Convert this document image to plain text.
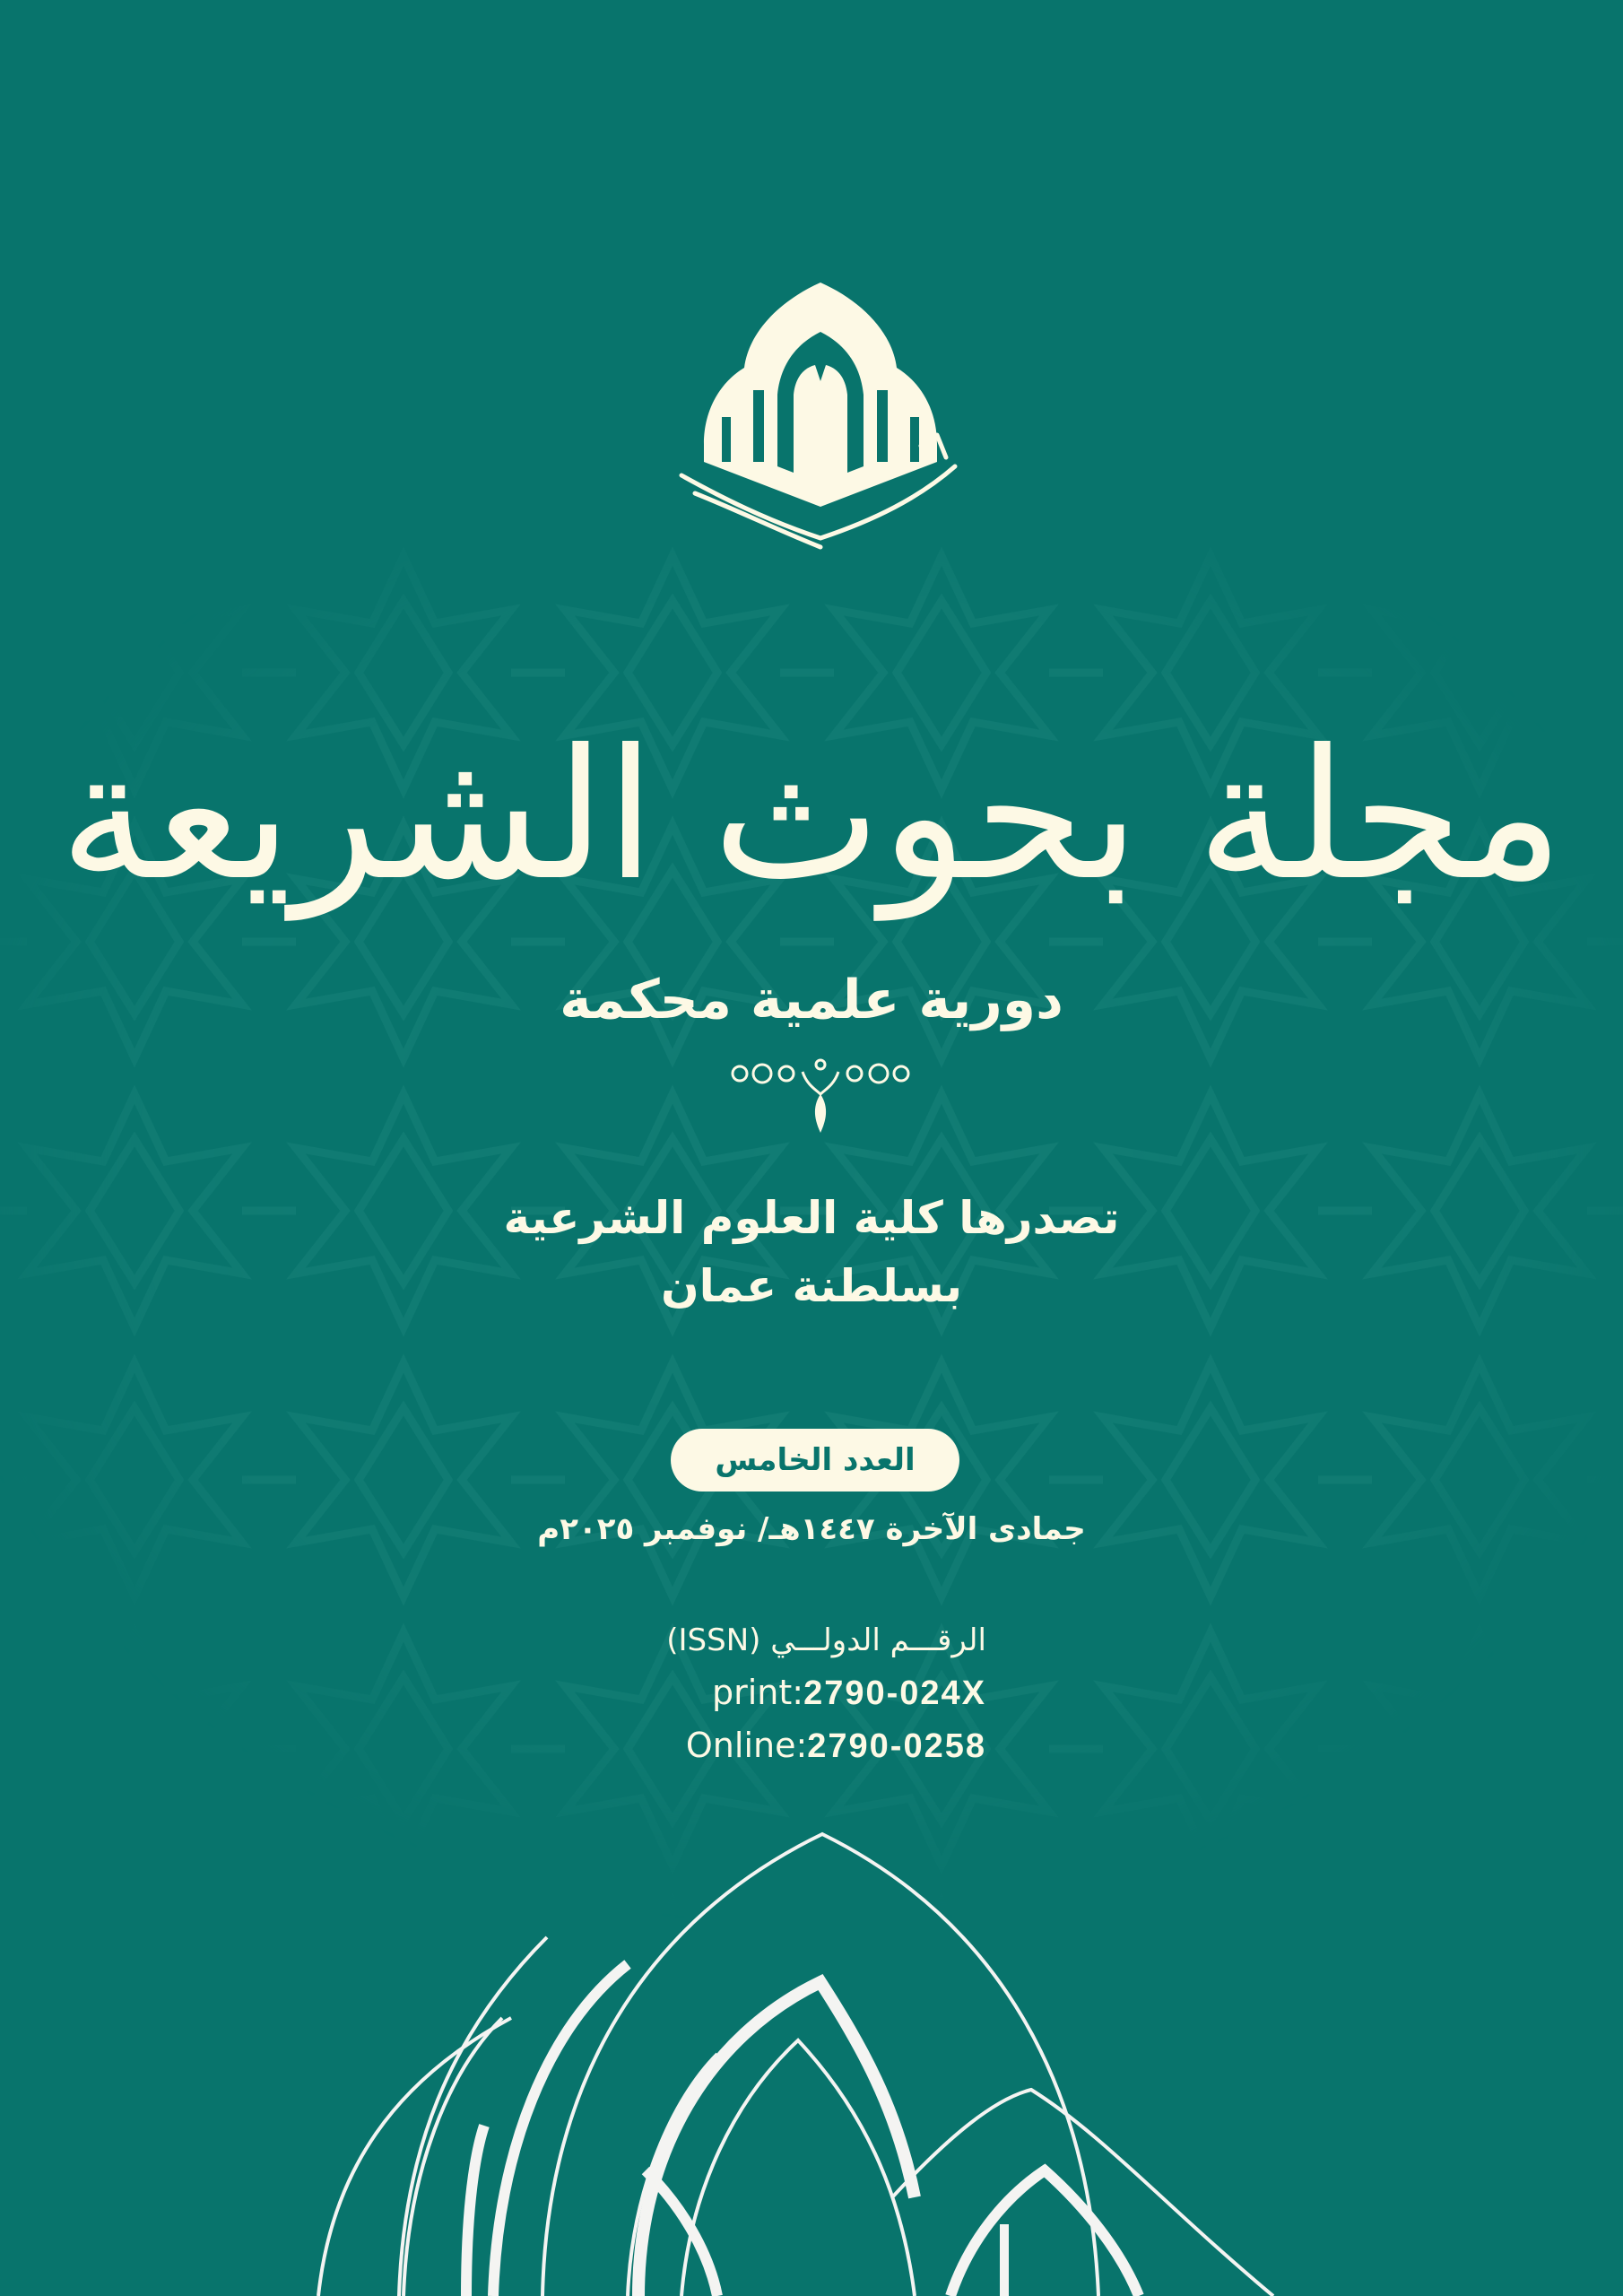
مجلة بحوث الشريعة
دورية علمية محكمة
تصدرها كلية العلوم الشرعية
بسلطنة عمان
العدد الخامس
جمادى الآخرة ١٤٤٧هـ/ نوفمبر ٢٠٢٥م
الرقـــم الدولـــي (ISSN)
print:2790-024X
Online:2790-0258
